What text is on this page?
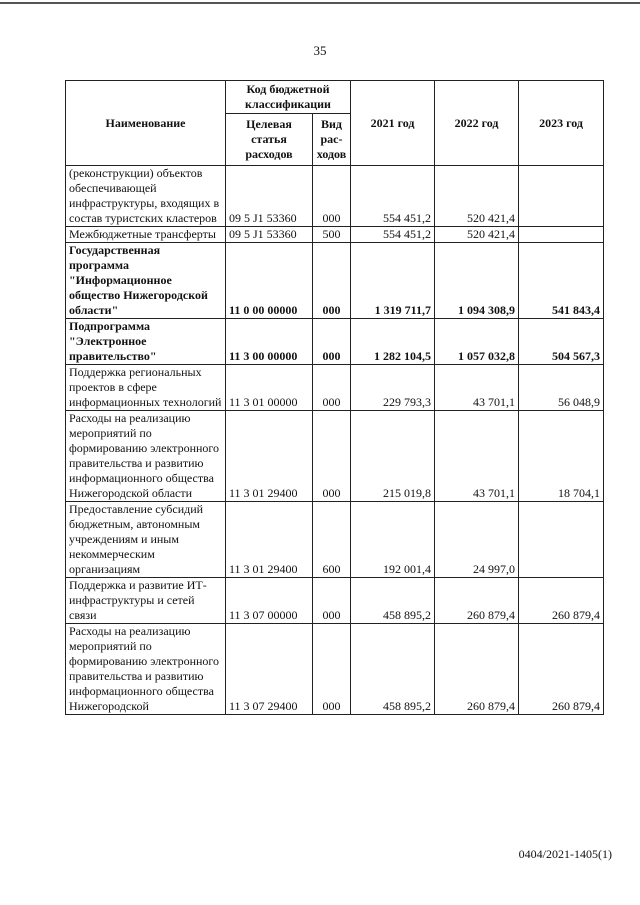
35
Наименование	Код бюджетной классификации		2021 год	2022 год	2023 год
	Целевая статья расходов	Вид рас-ходов			
(реконструкции) объектов обеспечивающей инфраструктуры, входящих в состав туристских кластеров	09 5 J1 53360	000	554 451,2	520 421,4	
Межбюджетные трансферты	09 5 J1 53360	500	554 451,2	520 421,4	
Государственная программа "Информационное общество Нижегородской области"	11 0 00 00000	000	1 319 711,7	1 094 308,9	541 843,4
Подпрограмма "Электронное правительство"	11 3 00 00000	000	1 282 104,5	1 057 032,8	504 567,3
Поддержка региональных проектов в сфере информационных технологий	11 3 01 00000	000	229 793,3	43 701,1	56 048,9
Расходы на реализацию мероприятий по формированию электронного правительства и развитию информационного общества Нижегородской области	11 3 01 29400	000	215 019,8	43 701,1	18 704,1
Предоставление субсидий бюджетным, автономным учреждениям и иным некоммерческим организациям	11 3 01 29400	600	192 001,4	24 997,0	
Поддержка и развитие ИТ-инфраструктуры и сетей связи	11 3 07 00000	000	458 895,2	260 879,4	260 879,4
Расходы на реализацию мероприятий по формированию электронного правительства и развитию информационного общества Нижегородской	11 3 07 29400	000	458 895,2	260 879,4	260 879,4
0404/2021-1405(1)
